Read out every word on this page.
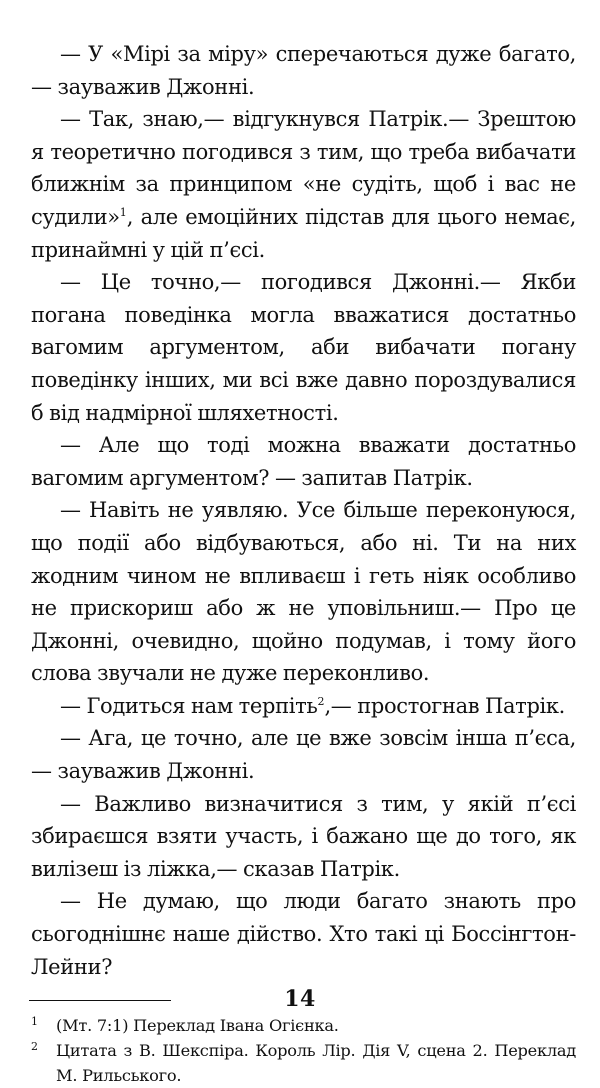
— У «Мірі за міру» сперечаються дуже багато,— зауважив Джонні.

— Так, знаю,— відгукнувся Патрік.— Зрештою я теоретично погодився з тим, що треба вибачати ближнім за принципом «не судіть, щоб і вас не судили»$^1$, але емоційних підстав для цього немає, принаймні у цій п’єсі.

— Це точно,— погодився Джонні.— Якби погана поведінка могла вважатися достатньо вагомим аргументом, аби вибачати погану поведінку інших, ми всі вже давно пороздувалися б від надмірної шляхетності.

— Але що тоді можна вважати достатньо вагомим аргументом? — запитав Патрік.

— Навіть не уявляю. Усе більше переконуюся, що події або відбуваються, або ні. Ти на них жодним чином не впливаєш і геть ніяк особливо не прискориш або ж не уповільниш.— Про це Джонні, очевидно, щойно подумав, і тому його слова звучали не дуже переконливо.

— Годиться нам терпіть$^2$,— простогнав Патрік.

— Ага, це точно, але це вже зовсім інша п’єса,— зауважив Джонні.

— Важливо визначитися з тим, у якій п’єсі збираєшся взяти участь, і бажано ще до того, як вилізеш із ліжка,— сказав Патрік.

— Не думаю, що люди багато знають про сьогоднішнє наше дійство. Хто такі ці Боссінгтон-Лейни?

1 (Мт. 7:1) Переклад Івана Огієнка.
2 Цитата з В. Шекспіра. Король Лір. Дія V, сцена 2. Переклад М. Рильського.
14
